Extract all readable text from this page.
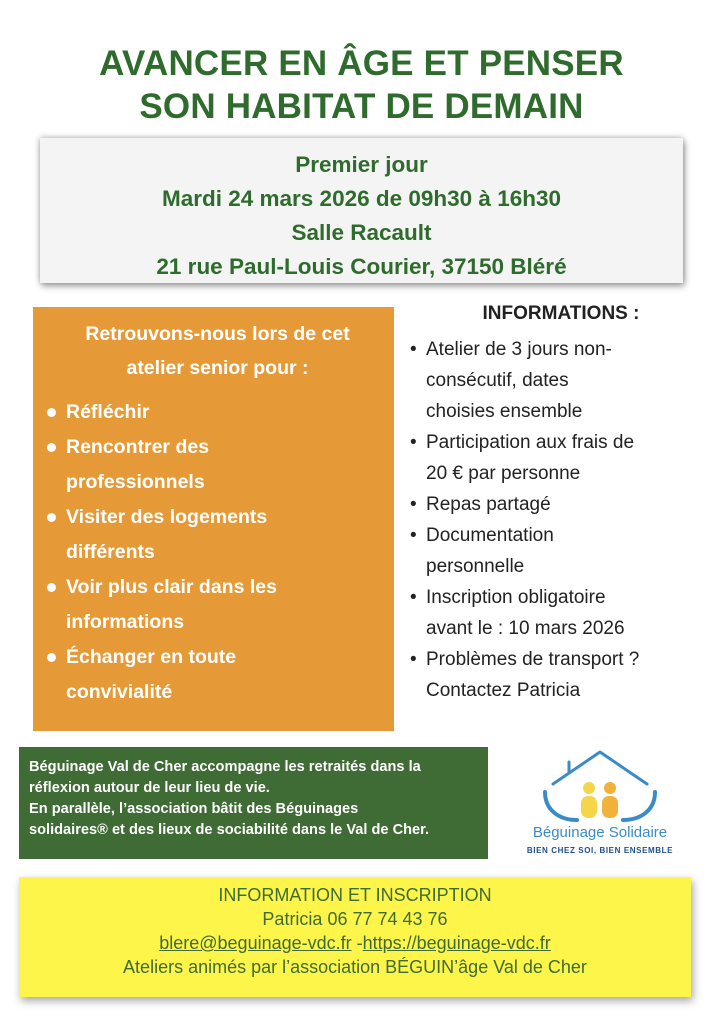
AVANCER EN ÂGE ET PENSER
SON HABITAT DE DEMAIN
Premier jour
Mardi 24 mars 2026 de 09h30 à 16h30
Salle Racault
21 rue Paul-Louis Courier, 37150 Bléré
Retrouvons-nous lors de cet
atelier senior pour :
Réfléchir
Rencontrer des
professionnels
Visiter des logements
différents
Voir plus clair dans les
informations
Échanger en toute
convivialité
INFORMATIONS :
• Atelier de 3 jours non-
consécutif, dates
choisies ensemble
• Participation aux frais de
20 € par personne
• Repas partagé
• Documentation
personnelle
• Inscription obligatoire
avant le : 10 mars 2026
• Problèmes de transport ?
Contactez Patricia

Béguinage Val de Cher accompagne les retraités dans la

réflexion autour de leur lieu de vie.

En parallèle, l’association bâtit des Béguinages

solidaires® et des lieux de sociabilité dans le Val de Cher.	Béguinage Solidaire
BIEN CHEZ SOI, BIEN ENSEMBLE
INFORMATION ET INSCRIPTION
Patricia 06 77 74 43 76
blere@beguinage-vdc.fr -https://beguinage-vdc.fr
Ateliers animés par l’association BÉGUIN’âge Val de Cher
